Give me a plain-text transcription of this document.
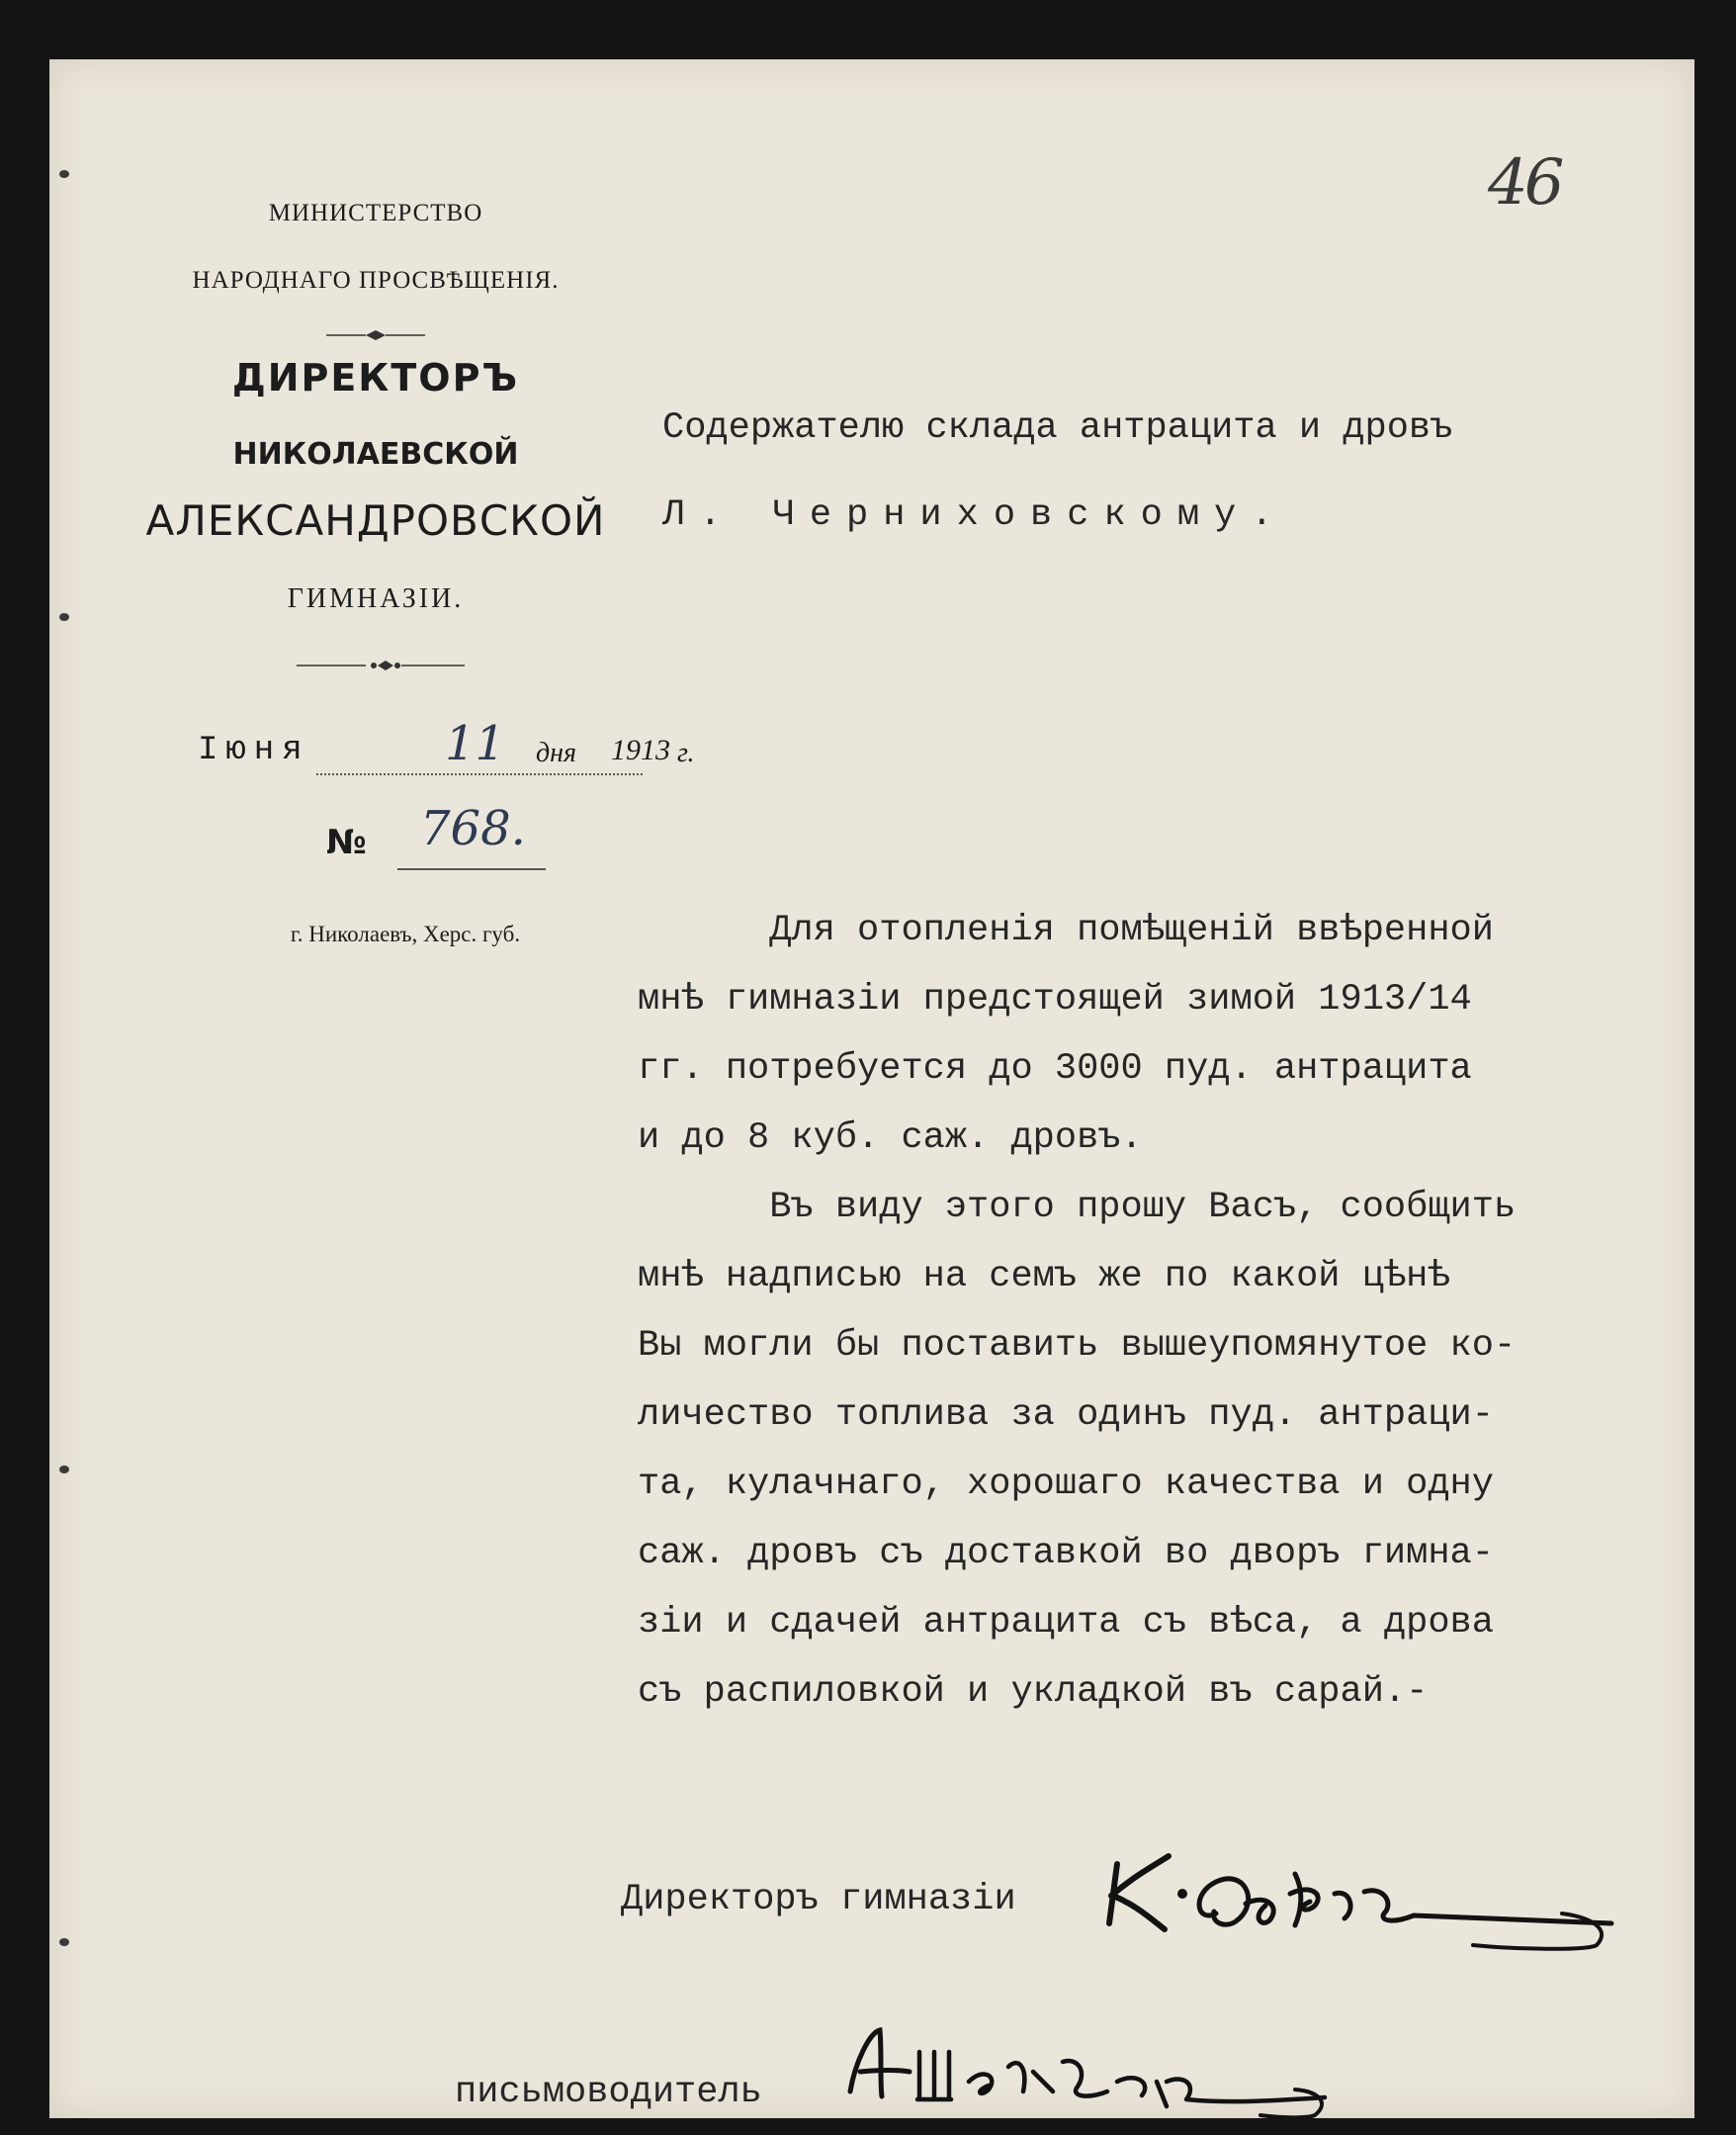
46
МИНИСТЕРСТВО
НАРОДНАГО ПРОСВѢЩЕНІЯ.
ДИРЕКТОРЪ
НИКОЛАЕВСКОЙ
АЛЕКСАНДРОВСКОЙ
ГИМНАЗІИ.
Іюня	11 дня 1913 г.
№ 768.
г. Николаевъ, Херс. губ.
Содержателю склада антрацита и дровъ
Л. Черниховскому.
Для отопленія помѣщеній ввѣренной
мнѣ гимназіи предстоящей зимой 1913/14
гг. потребуется до 3000 пуд. антрацита
и до 8 куб. саж. дровъ.
Въ виду этого прошу Васъ, сообщить
мнѣ надписью на семъ же по какой цѣнѣ
Вы могли бы поставить вышеупомянутое ко-
личество топлива за одинъ пуд. антраци-
та, кулачнаго, хорошаго качества и одну
саж. дровъ съ доставкой во дворъ гимна-
зіи и сдачей антрацита съ вѣса, а дрова
съ распиловкой и укладкой въ сарай.-
Директоръ гимназіи
письмоводитель
